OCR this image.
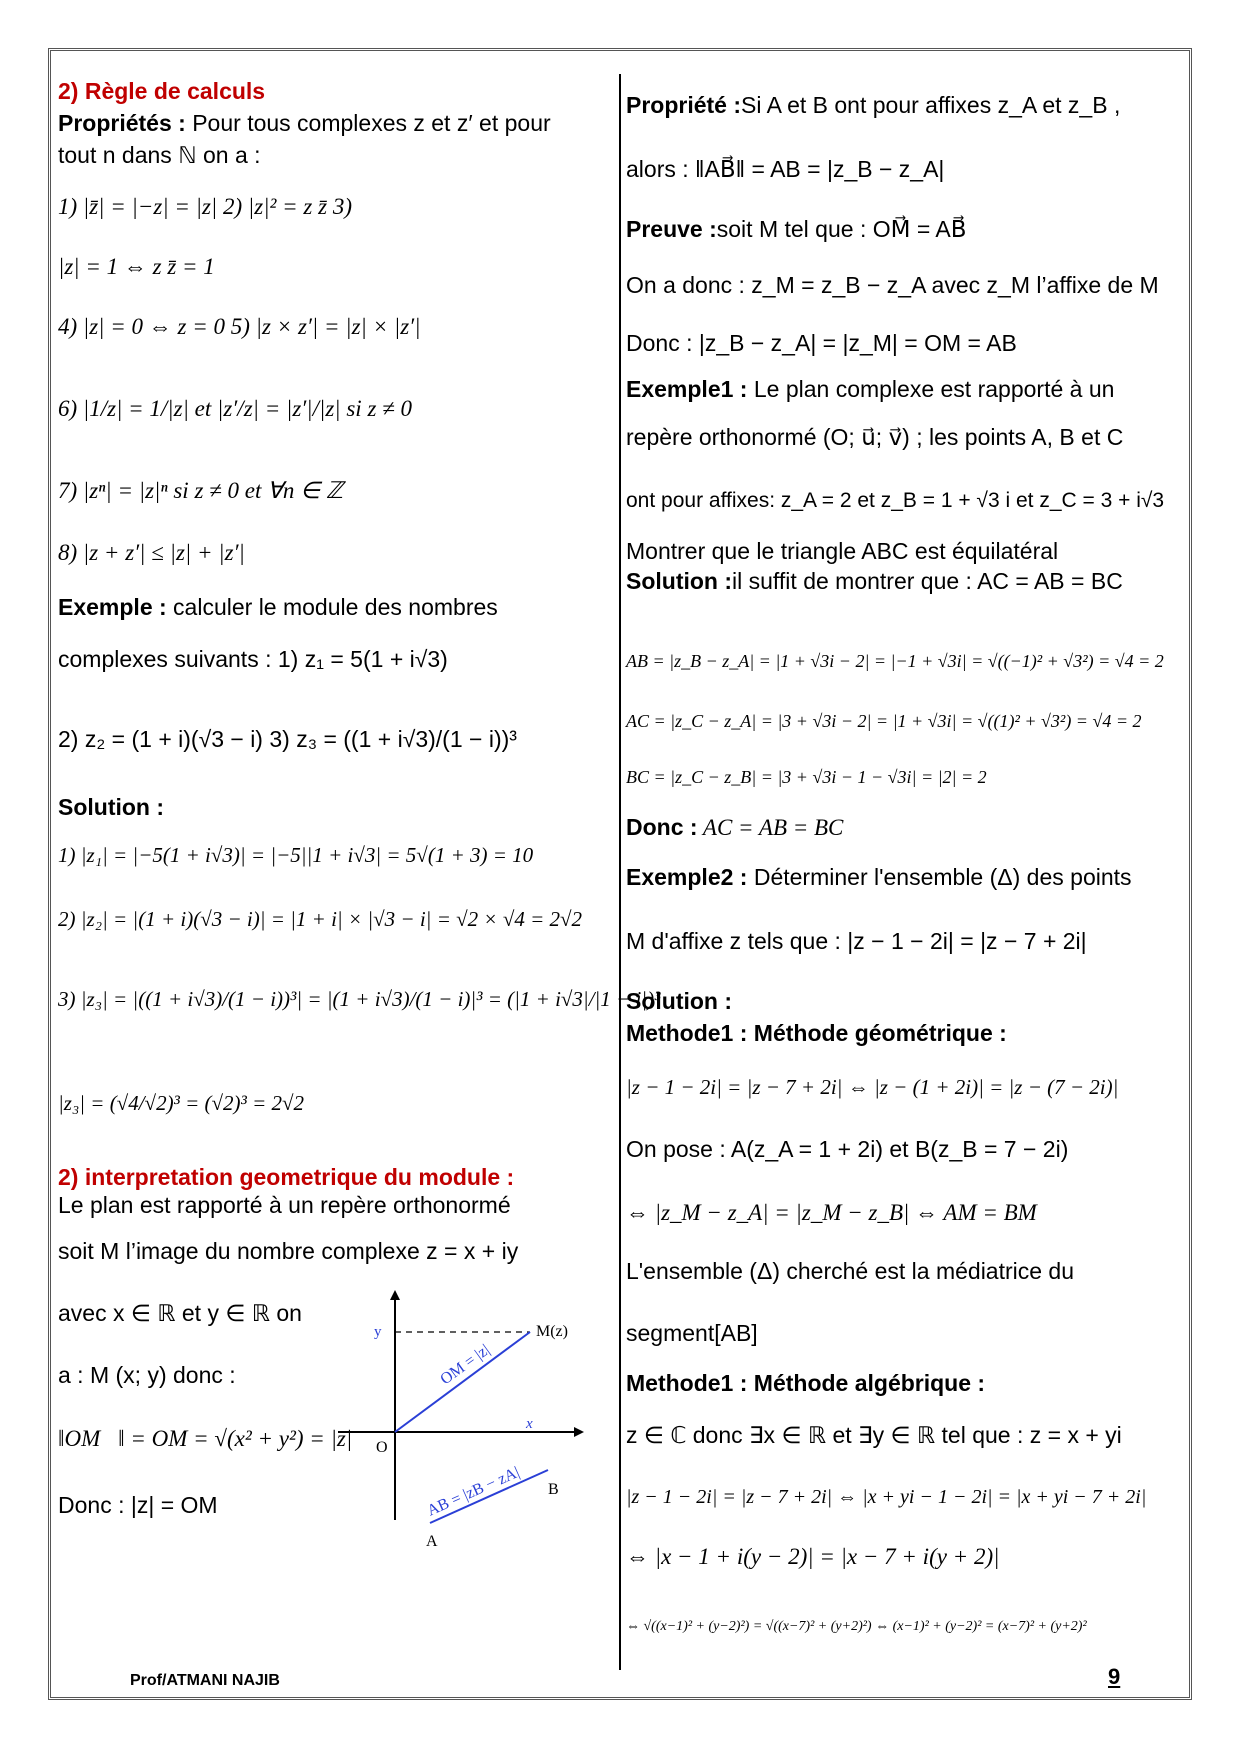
2) Règle de calculs
Propriétés : Pour tous complexes z et z′ et pour
tout n dans ℕ on a :
1) |z̄| = |−z| = |z| 2) |z|² = z z̄ 3)
|z| = 1 ⇔ z z̄ = 1
4) |z| = 0 ⇔ z = 0 5) |z × z′| = |z| × |z′|
6) |1/z| = 1/|z| et |z′/z| = |z′|/|z| si z ≠ 0
7) |zⁿ| = |z|ⁿ si z ≠ 0 et ∀n ∈ ℤ
8) |z + z′| ≤ |z| + |z′|
Exemple : calculer le module des nombres
complexes suivants : 1) z₁ = 5(1 + i√3)
2) z₂ = (1 + i)(√3 − i) 3) z₃ = ((1 + i√3)/(1 − i))³
Solution :
1) |z₁| = |−5(1 + i√3)| = |−5||1 + i√3| = 5√(1 + 3) = 10
2) |z₂| = |(1 + i)(√3 − i)| = |1 + i| × |√3 − i| = √2 × √4 = 2√2
3) |z₃| = |((1 + i√3)/(1 − i))³| = |(1 + i√3)/(1 − i)|³ = (|1 + i√3|/|1 − i|)³
|z₃| = (√4/√2)³ = (√2)³ = 2√2
2) interpretation geometrique du module :
Le plan est rapporté à un repère orthonormé
soit M l’image du nombre complexe z = x + iy
avec x ∈ ℝ et y ∈ ℝ on
a : M (x; y) donc :
‖OM⃗‖ = OM = √(x² + y²) = |z|
Donc : |z| = OM
y
x
O
M(z)
OM = |z|
AB = |zB − zA|
A
B
Propriété :Si A et B ont pour affixes z_A et z_B ,
alors : ‖AB⃗‖ = AB = |z_B − z_A|
Preuve :soit M tel que : OM⃗ = AB⃗
On a donc : z_M = z_B − z_A avec z_M l’affixe de M
Donc : |z_B − z_A| = |z_M| = OM = AB
Exemple1 : Le plan complexe est rapporté à un
repère orthonormé (O; u⃗; v⃗) ; les points A, B et C
ont pour affixes: z_A = 2 et z_B = 1 + √3 i et z_C = 3 + i√3
Montrer que le triangle ABC est équilatéral
Solution :il suffit de montrer que : AC = AB = BC
AB = |z_B − z_A| = |1 + √3i − 2| = |−1 + √3i| = √((−1)² + √3²) = √4 = 2
AC = |z_C − z_A| = |3 + √3i − 2| = |1 + √3i| = √((1)² + √3²) = √4 = 2
BC = |z_C − z_B| = |3 + √3i − 1 − √3i| = |2| = 2
Donc : AC = AB = BC
Exemple2 : Déterminer l'ensemble (Δ) des points
M d'affixe z tels que : |z − 1 − 2i| = |z − 7 + 2i|
Solution :
Methode1 : Méthode géométrique :
|z − 1 − 2i| = |z − 7 + 2i| ⇔ |z − (1 + 2i)| = |z − (7 − 2i)|
On pose : A(z_A = 1 + 2i) et B(z_B = 7 − 2i)
⇔ |z_M − z_A| = |z_M − z_B| ⇔ AM = BM
L'ensemble (Δ) cherché est la médiatrice du
segment[AB]
Methode1 : Méthode algébrique :
z ∈ ℂ donc ∃x ∈ ℝ et ∃y ∈ ℝ tel que : z = x + yi
|z − 1 − 2i| = |z − 7 + 2i| ⇔ |x + yi − 1 − 2i| = |x + yi − 7 + 2i|
⇔ |x − 1 + i(y − 2)| = |x − 7 + i(y + 2)|
⇔ √((x−1)² + (y−2)²) = √((x−7)² + (y+2)²) ⇔ (x−1)² + (y−2)² = (x−7)² + (y+2)²
Prof/ATMANI NAJIB	9
